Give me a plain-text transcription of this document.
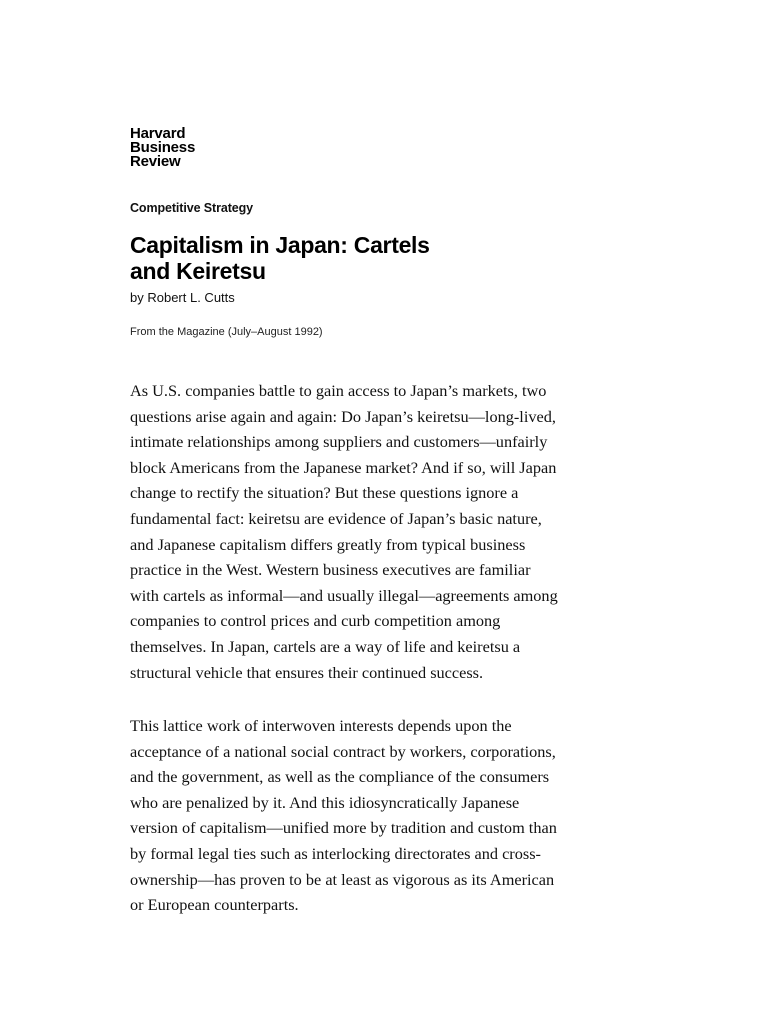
Harvard
Business
Review
Competitive Strategy
Capitalism in Japan: Cartels
and Keiretsu
by Robert L. Cutts
From the Magazine (July–August 1992)

As U.S. companies battle to gain access to Japan’s markets, two
questions arise again and again: Do Japan’s keiretsu—long-lived,
intimate relationships among suppliers and customers—unfairly
block Americans from the Japanese market? And if so, will Japan
change to rectify the situation? But these questions ignore a
fundamental fact: keiretsu are evidence of Japan’s basic nature,
and Japanese capitalism differs greatly from typical business
practice in the West. Western business executives are familiar
with cartels as informal—and usually illegal—agreements among
companies to control prices and curb competition among
themselves. In Japan, cartels are a way of life and keiretsu a
structural vehicle that ensures their continued success.

This lattice work of interwoven interests depends upon the
acceptance of a national social contract by workers, corporations,
and the government, as well as the compliance of the consumers
who are penalized by it. And this idiosyncratically Japanese
version of capitalism—unified more by tradition and custom than
by formal legal ties such as interlocking directorates and cross-
ownership—has proven to be at least as vigorous as its American
or European counterparts.
